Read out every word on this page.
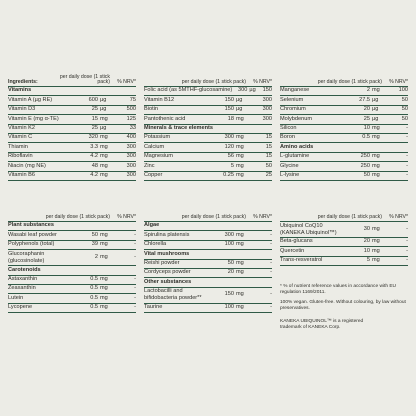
Ingredients:
per daily dose (1 stick pack)	% NRV*
Vitamins
Vitamin A (µg RE)	600 µg	75
Vitamin D3	25 µg	500
Vitamin E (mg α-TE)	15 mg	125
Vitamin K2	25 µg	33
Vitamin C	320 mg	400
Thiamin	3.3 mg	300
Riboflavin	4.2 mg	300
Niacin (mg NE)	48 mg	300
Vitamin B6	4.2 mg	300
per daily dose (1 stick pack)	% NRV*
Folic acid (as 5MTHF-glucosamine)	300 µg	150
Vitamin B12	150 µg	300
Biotin	150 µg	300
Pantothenic acid	18 mg	300
Minerals & trace elements
Potassium	300 mg	15
Calcium	120 mg	15
Magnesium	56 mg	15
Zinc	5 mg	50
Copper	0.25 mg	25
per daily dose (1 stick pack)	% NRV*
Manganese	2 mg	100
Selenium	27.5 µg	50
Chromium	20 µg	50
Molybdenum	25 µg	50
Silicon	10 mg	-
Boron	0.5 mg	-
Amino acids
L-glutamine	250 mg	-
Glycine	250 mg	-
L-lysine	50 mg	-
per daily dose (1 stick pack)	% NRV*
Plant substances
Wasabi leaf powder	50 mg	-
Polyphenols (total)	39 mg	-
Glucoraphanin (glucosinolate)
2 mg	-
Carotenoids
Astaxanthin	0.5 mg	-
Zeaxanthin	0.5 mg	-
Lutein	0.5 mg	-
Lycopene	0.5 mg	-
per daily dose (1 stick pack)	% NRV*
Algae
Spirulina platensis	300 mg	-
Chlorella	100 mg	-
Vital mushrooms
Reishi powder	50 mg	-
Cordyceps powder	20 mg	-
Other substances
Lactobacilli and bifidobacteria powder**
150 mg	-
Taurine	100 mg	-
per daily dose (1 stick pack)	% NRV*
Ubiquinol CoQ10 (KANEKA Ubiquinol™)
30 mg	-
Beta-glucans	20 mg	-
Quercetin	10 mg	-
Trans-resveratrol	5 mg	-
* % of nutrient reference values in accordance with EU regulation 1169/2011.
100% vegan. Gluten-free. Without colouring, by law without preservatives.
KANEKA UBIQUINOL™ is a registered trademark of KANEKA Corp.
